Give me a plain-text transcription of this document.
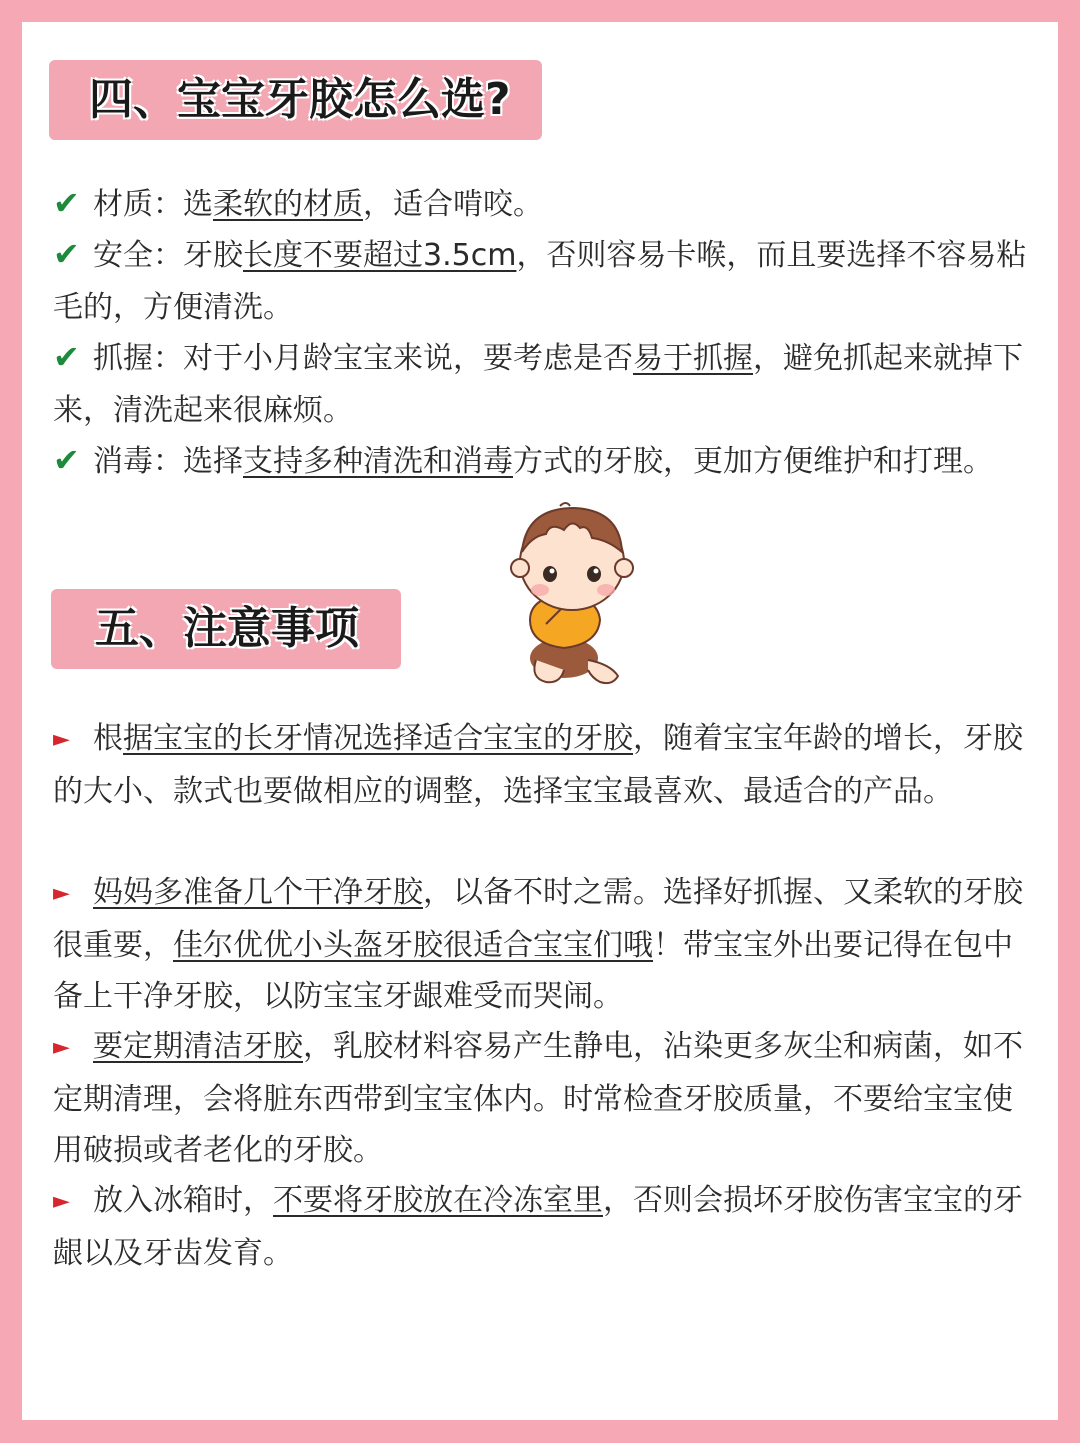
四、宝宝牙胶怎么选?

✔ 材质：选柔软的材质，适合啃咬。

✔ 安全：牙胶长度不要超过3.5cm，否则容易卡喉，而且要选择不容易粘毛的，方便清洗。

✔ 抓握：对于小月龄宝宝来说，要考虑是否易于抓握，避免抓起来就掉下来，清洗起来很麻烦。

✔ 消毒：选择支持多种清洗和消毒方式的牙胶，更加方便维护和打理。

五、注意事项

► 根据宝宝的长牙情况选择适合宝宝的牙胶，随着宝宝年龄的增长，牙胶的大小、款式也要做相应的调整，选择宝宝最喜欢、最适合的产品。

► 妈妈多准备几个干净牙胶，以备不时之需。选择好抓握、又柔软的牙胶很重要，佳尔优优小头盔牙胶很适合宝宝们哦！带宝宝外出要记得在包中备上干净牙胶，以防宝宝牙龈难受而哭闹。

► 要定期清洁牙胶，乳胶材料容易产生静电，沾染更多灰尘和病菌，如不定期清理，会将脏东西带到宝宝体内。时常检查牙胶质量，不要给宝宝使用破损或者老化的牙胶。

► 放入冰箱时，不要将牙胶放在冷冻室里，否则会损坏牙胶伤害宝宝的牙龈以及牙齿发育。
